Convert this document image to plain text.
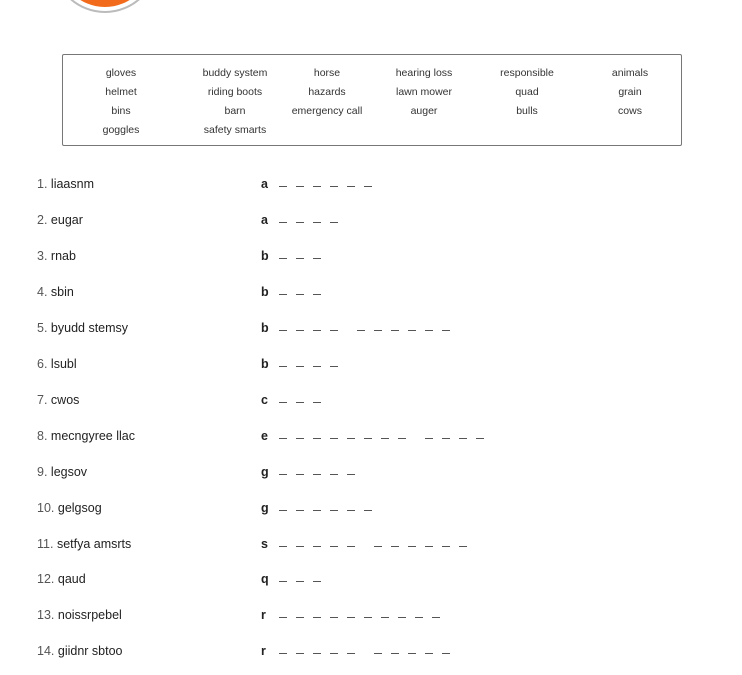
gloves	buddy system	horse	hearing loss	responsible	animals
helmet	riding boots	hazards	lawn mower	quad	grain
bins	barn	emergency call	auger	bulls	cows
goggles	safety smarts
1. liaasnm	a
2. eugar	a
3. rnab	b
4. sbin	b
5. byudd stemsy	b
6. lsubl	b
7. cwos	c
8. mecngyree llac	e
9. legsov	g
10. gelgsog	g
11. setfya amsrts	s
12. qaud	q
13. noissrpebel	r
14. giidnr sbtoo	r
